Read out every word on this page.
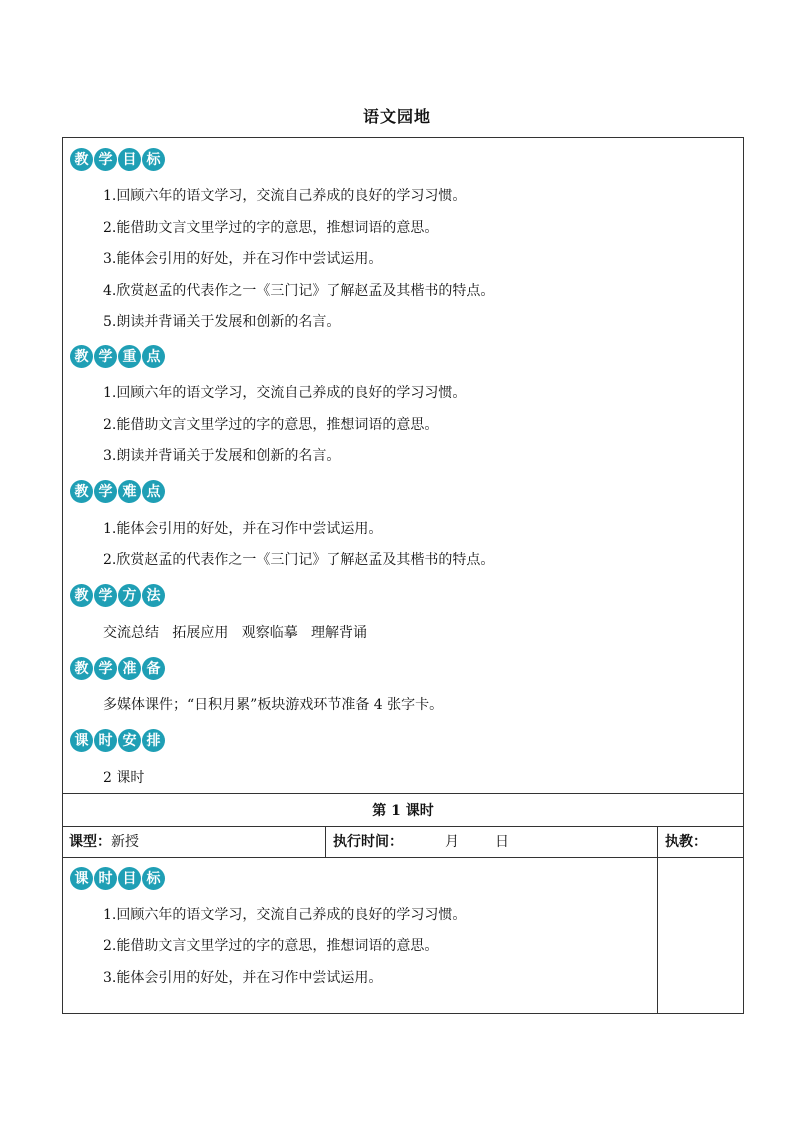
语文园地
教 学 目 标
1.回顾六年的语文学习，交流自己养成的良好的学习习惯。
2.能借助文言文里学过的字的意思，推想词语的意思。
3.能体会引用的好处，并在习作中尝试运用。
4.欣赏赵孟的代表作之一《三门记》了解赵孟及其楷书的特点。
5.朗读并背诵关于发展和创新的名言。
教 学 重 点
1.回顾六年的语文学习，交流自己养成的良好的学习习惯。
2.能借助文言文里学过的字的意思，推想词语的意思。
3.朗读并背诵关于发展和创新的名言。
教 学 难 点
1.能体会引用的好处，并在习作中尝试运用。
2.欣赏赵孟的代表作之一《三门记》了解赵孟及其楷书的特点。
教 学 方 法
交流总结   拓展应用   观察临摹   理解背诵
教 学 准 备
多媒体课件；“日积月累”板块游戏环节准备 4 张字卡。
课 时 安 排
2 课时
第 1 课时
课型：新授	执行时间：	月	日	执教：
课 时 目 标
1.回顾六年的语文学习，交流自己养成的良好的学习习惯。
2.能借助文言文里学过的字的意思，推想词语的意思。
3.能体会引用的好处，并在习作中尝试运用。
